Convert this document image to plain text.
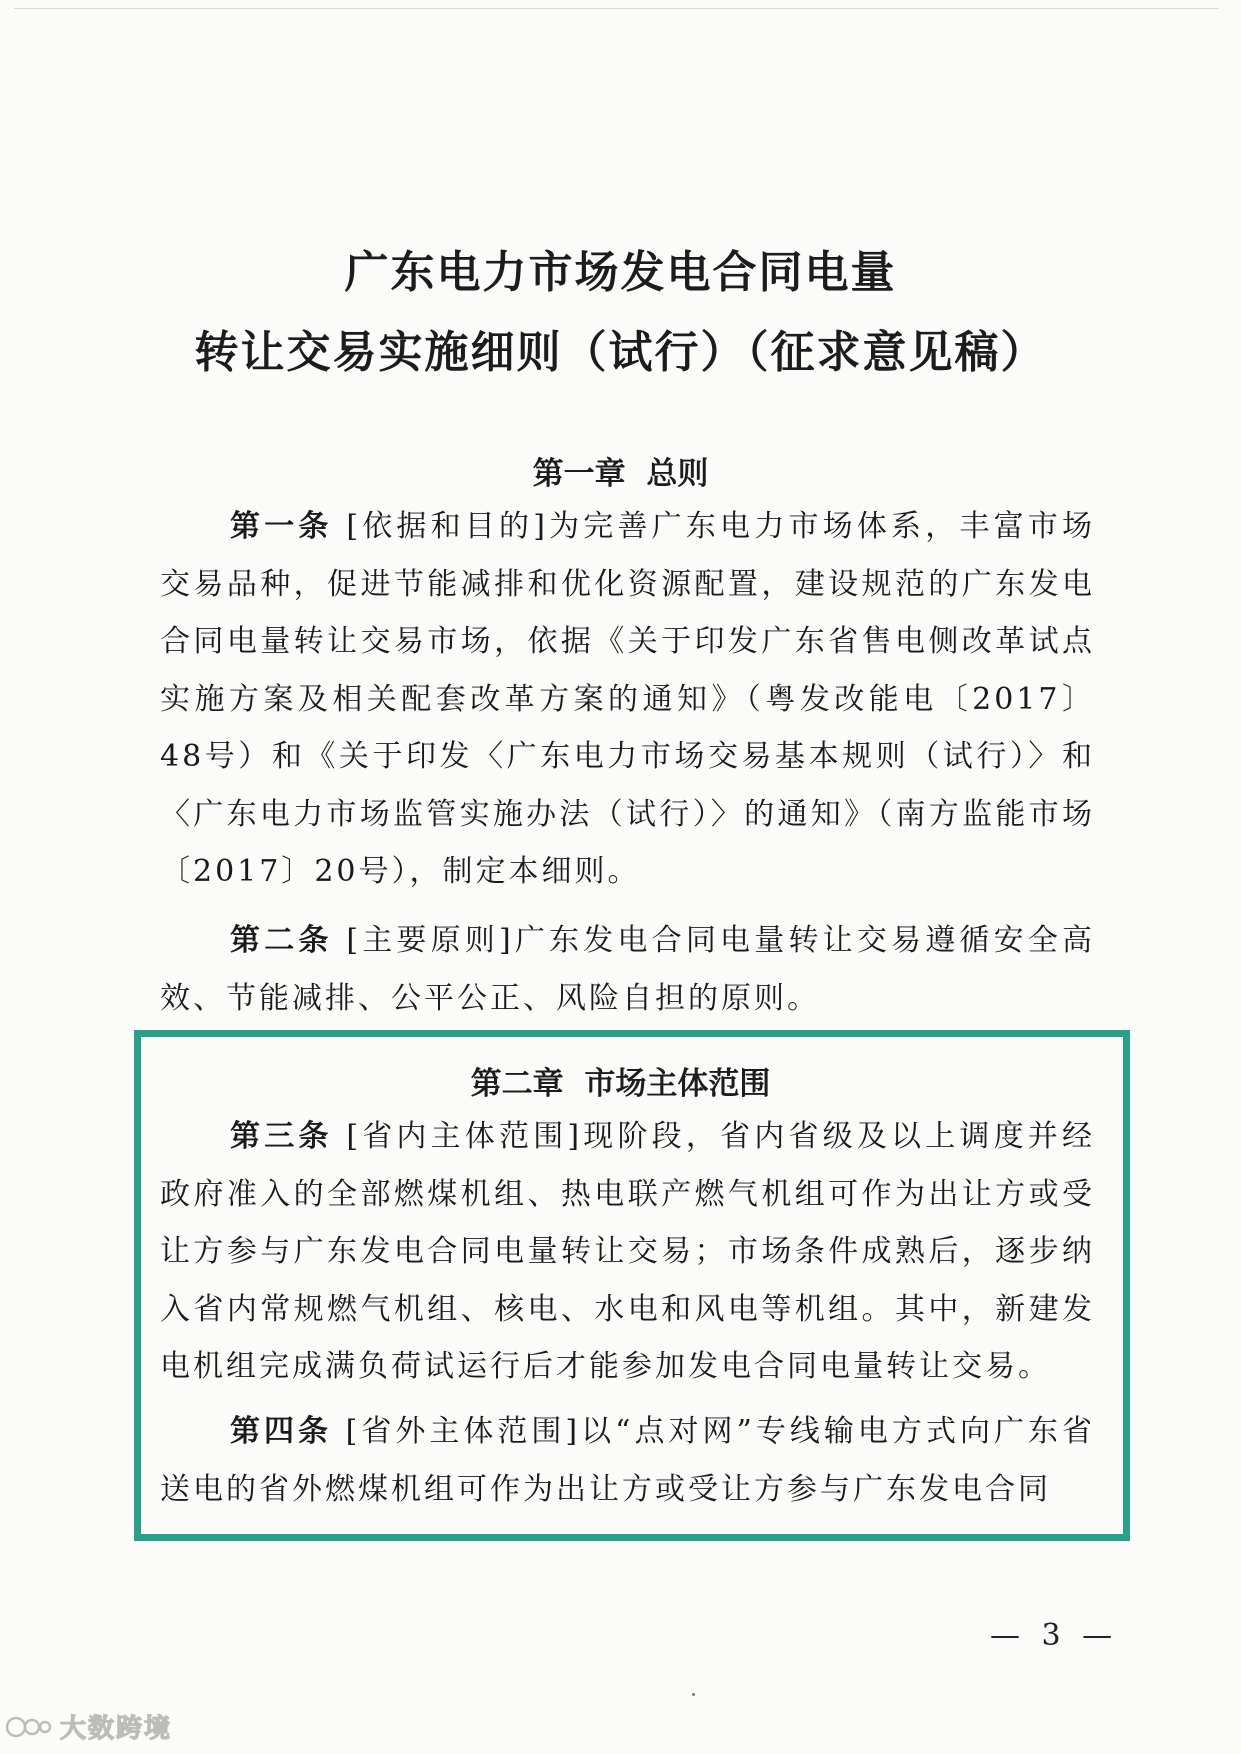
广东电力市场发电合同电量
转让交易实施细则（试行）（征求意见稿）
第一章 总则

第一条 [依据和目的]为完善广东电力市场体系，丰富市场交易品种，促进节能减排和优化资源配置，建设规范的广东发电合同电量转让交易市场，依据《关于印发广东省售电侧改革试点实施方案及相关配套改革方案的通知》（粤发改能电〔2017〕48号）和《关于印发〈广东电力市场交易基本规则（试行）〉和〈广东电力市场监管实施办法（试行）〉的通知》（南方监能市场〔2017〕20号），制定本细则。

第二条 [主要原则]广东发电合同电量转让交易遵循安全高效、节能减排、公平公正、风险自担的原则。

第二章 市场主体范围

第三条 [省内主体范围]现阶段，省内省级及以上调度并经政府准入的全部燃煤机组、热电联产燃气机组可作为出让方或受让方参与广东发电合同电量转让交易；市场条件成熟后，逐步纳入省内常规燃气机组、核电、水电和风电等机组。其中，新建发电机组完成满负荷试运行后才能参加发电合同电量转让交易。

第四条 [省外主体范围]以“点对网”专线输电方式向广东省送电的省外燃煤机组可作为出让方或受让方参与广东发电合同

— 3 —
大数跨境
